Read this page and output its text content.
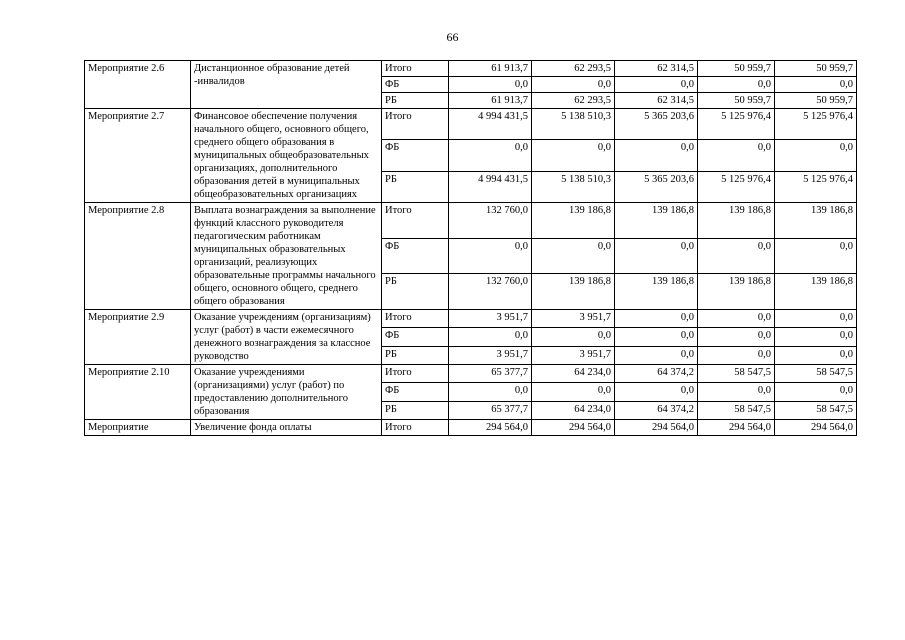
66
Мероприятие 2.6	Дистанционное образование детей -инвалидов	Итого	61 913,7	62 293,5	62 314,5	50 959,7	50 959,7
		ФБ	0,0	0,0	0,0	0,0	0,0
		РБ	61 913,7	62 293,5	62 314,5	50 959,7	50 959,7
Мероприятие 2.7	Финансовое обеспечение получения начального общего, основного общего, среднего общего образования в муниципальных общеобразовательных организациях, дополнительного образования детей в муниципальных общеобразовательных организациях	Итого	4 994 431,5	5 138 510,3	5 365 203,6	5 125 976,4	5 125 976,4
		ФБ	0,0	0,0	0,0	0,0	0,0
		РБ	4 994 431,5	5 138 510,3	5 365 203,6	5 125 976,4	5 125 976,4
Мероприятие 2.8	Выплата вознаграждения за выполнение функций классного руководителя педагогическим работникам муниципальных образовательных организаций, реализующих образовательные программы начального общего, основного общего, среднего общего образования	Итого	132 760,0	139 186,8	139 186,8	139 186,8	139 186,8
		ФБ	0,0	0,0	0,0	0,0	0,0
		РБ	132 760,0	139 186,8	139 186,8	139 186,8	139 186,8
Мероприятие 2.9	Оказание учреждениям (организациям) услуг (работ) в части ежемесячного денежного вознаграждения за классное руководство	Итого	3 951,7	3 951,7	0,0	0,0	0,0
		ФБ	0,0	0,0	0,0	0,0	0,0
		РБ	3 951,7	3 951,7	0,0	0,0	0,0
Мероприятие 2.10	Оказание учреждениями (организациями) услуг (работ) по предоставлению дополнительного образования	Итого	65 377,7	64 234,0	64 374,2	58 547,5	58 547,5
		ФБ	0,0	0,0	0,0	0,0	0,0
		РБ	65 377,7	64 234,0	64 374,2	58 547,5	58 547,5
Мероприятие	Увеличение фонда оплаты	Итого	294 564,0	294 564,0	294 564,0	294 564,0	294 564,0
